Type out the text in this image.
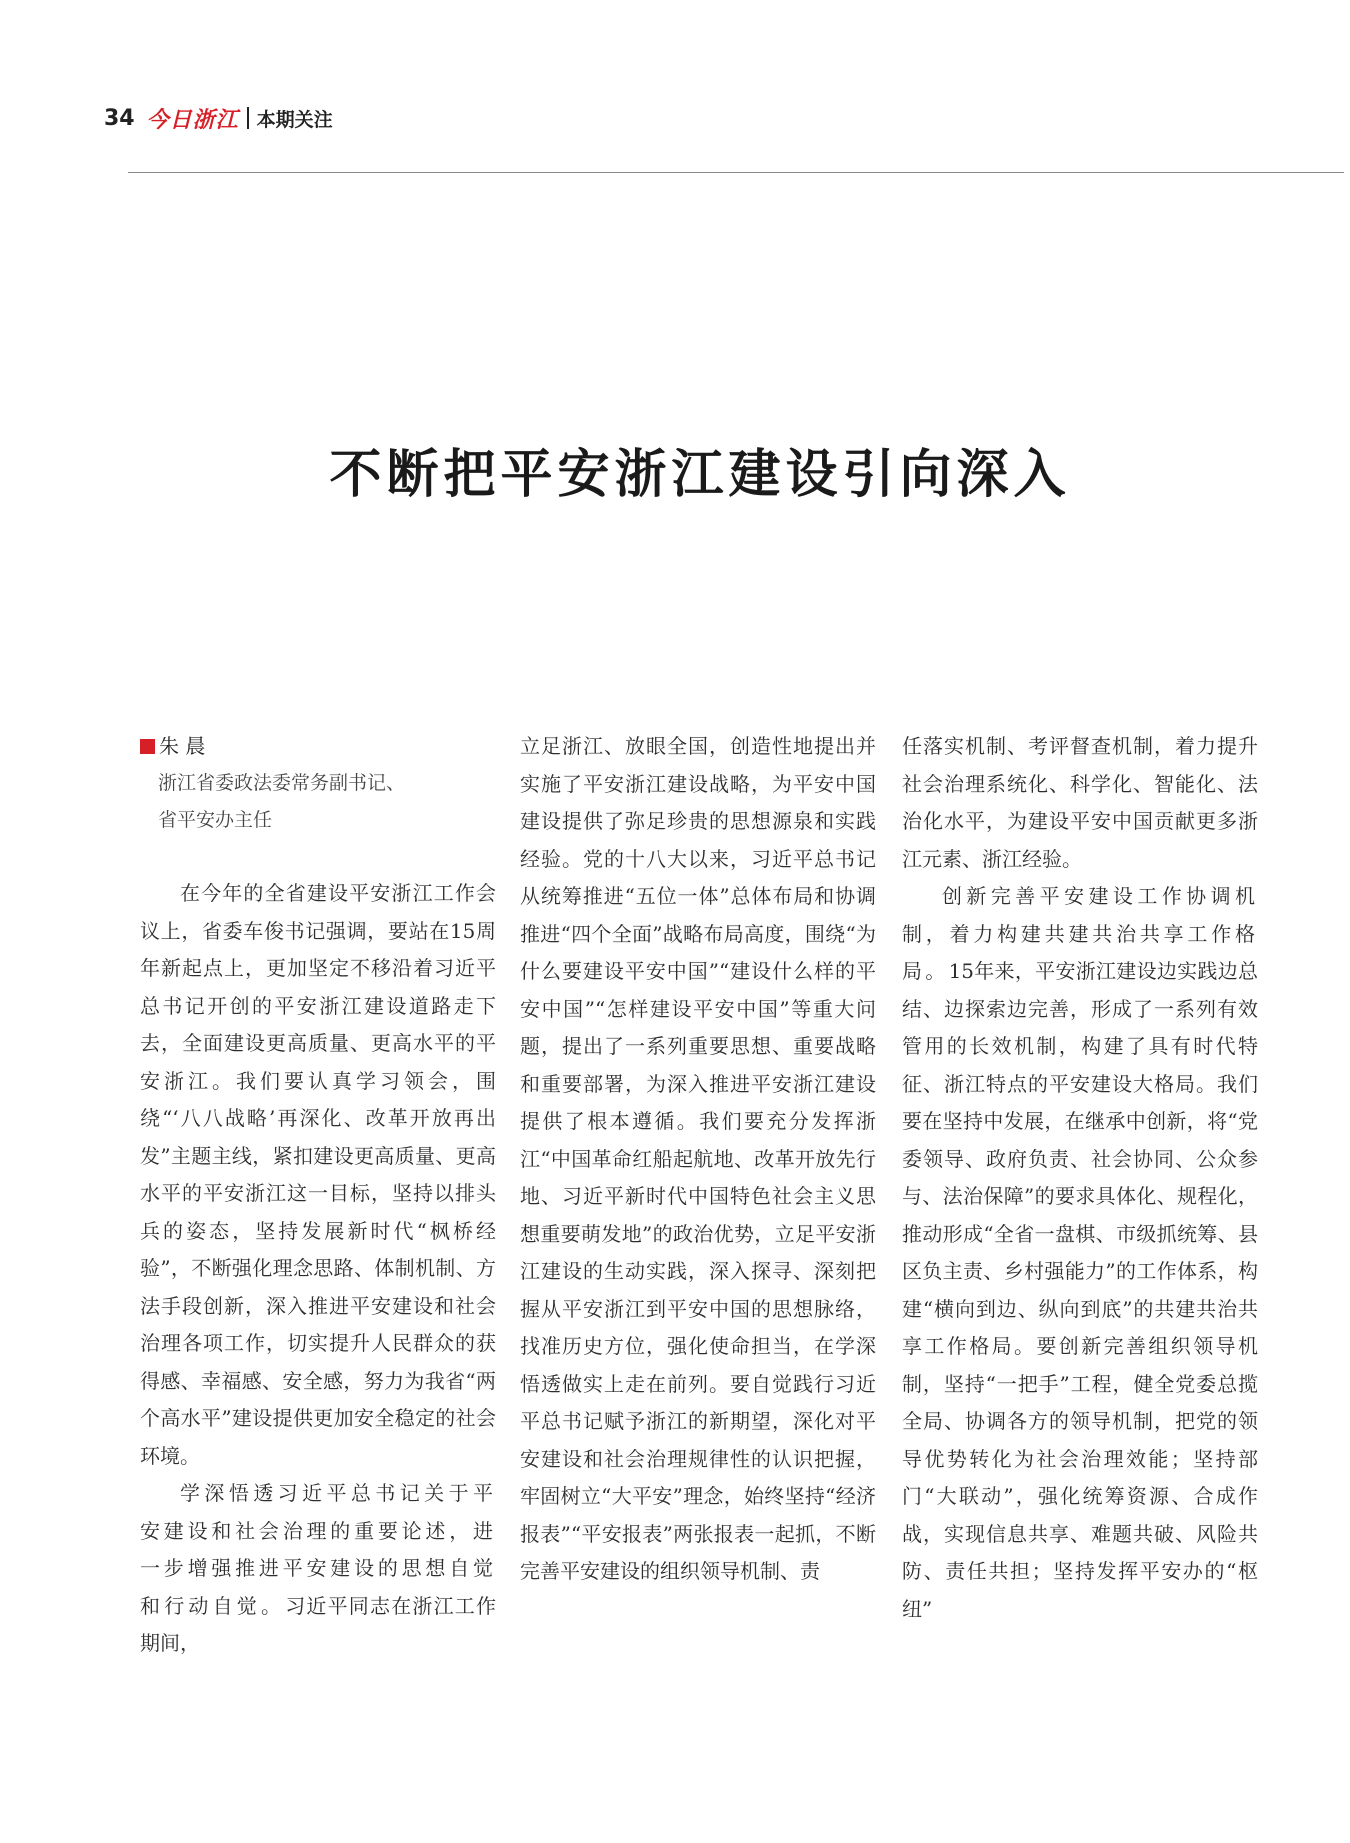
34 今日浙江 本期关注
不断把平安浙江建设引向深入
朱 晨
浙江省委政法委常务副书记、
省平安办主任

在今年的全省建设平安浙江工作会议上，省委车俊书记强调，要站在15周年新起点上，更加坚定不移沿着习近平总书记开创的平安浙江建设道路走下去，全面建设更高质量、更高水平的平安浙江。我们要认真学习领会，围绕“‘八八战略’再深化、改革开放再出发”主题主线，紧扣建设更高质量、更高水平的平安浙江这一目标，坚持以排头兵的姿态，坚持发展新时代“枫桥经验”，不断强化理念思路、体制机制、方法手段创新，深入推进平安建设和社会治理各项工作，切实提升人民群众的获得感、幸福感、安全感，努力为我省“两个高水平”建设提供更加安全稳定的社会环境。

学深悟透习近平总书记关于平安建设和社会治理的重要论述，进一步增强推进平安建设的思想自觉和行动自觉。习近平同志在浙江工作期间，

立足浙江、放眼全国，创造性地提出并实施了平安浙江建设战略，为平安中国建设提供了弥足珍贵的思想源泉和实践经验。党的十八大以来，习近平总书记从统筹推进“五位一体”总体布局和协调推进“四个全面”战略布局高度，围绕“为什么要建设平安中国”“建设什么样的平安中国”“怎样建设平安中国”等重大问题，提出了一系列重要思想、重要战略和重要部署，为深入推进平安浙江建设提供了根本遵循。我们要充分发挥浙江“中国革命红船起航地、改革开放先行地、习近平新时代中国特色社会主义思想重要萌发地”的政治优势，立足平安浙江建设的生动实践，深入探寻、深刻把握从平安浙江到平安中国的思想脉络，找准历史方位，强化使命担当，在学深悟透做实上走在前列。要自觉践行习近平总书记赋予浙江的新期望，深化对平安建设和社会治理规律性的认识把握，牢固树立“大平安”理念，始终坚持“经济报表”“平安报表”两张报表一起抓，不断完善平安建设的组织领导机制、责

任落实机制、考评督查机制，着力提升社会治理系统化、科学化、智能化、法治化水平，为建设平安中国贡献更多浙江元素、浙江经验。

创新完善平安建设工作协调机制，着力构建共建共治共享工作格局。15年来，平安浙江建设边实践边总结、边探索边完善，形成了一系列有效管用的长效机制，构建了具有时代特征、浙江特点的平安建设大格局。我们要在坚持中发展，在继承中创新，将“党委领导、政府负责、社会协同、公众参与、法治保障”的要求具体化、规程化，推动形成“全省一盘棋、市级抓统筹、县区负主责、乡村强能力”的工作体系，构建“横向到边、纵向到底”的共建共治共享工作格局。要创新完善组织领导机制，坚持“一把手”工程，健全党委总揽全局、协调各方的领导机制，把党的领导优势转化为社会治理效能；坚持部门“大联动”，强化统筹资源、合成作战，实现信息共享、难题共破、风险共防、责任共担；坚持发挥平安办的“枢纽”
